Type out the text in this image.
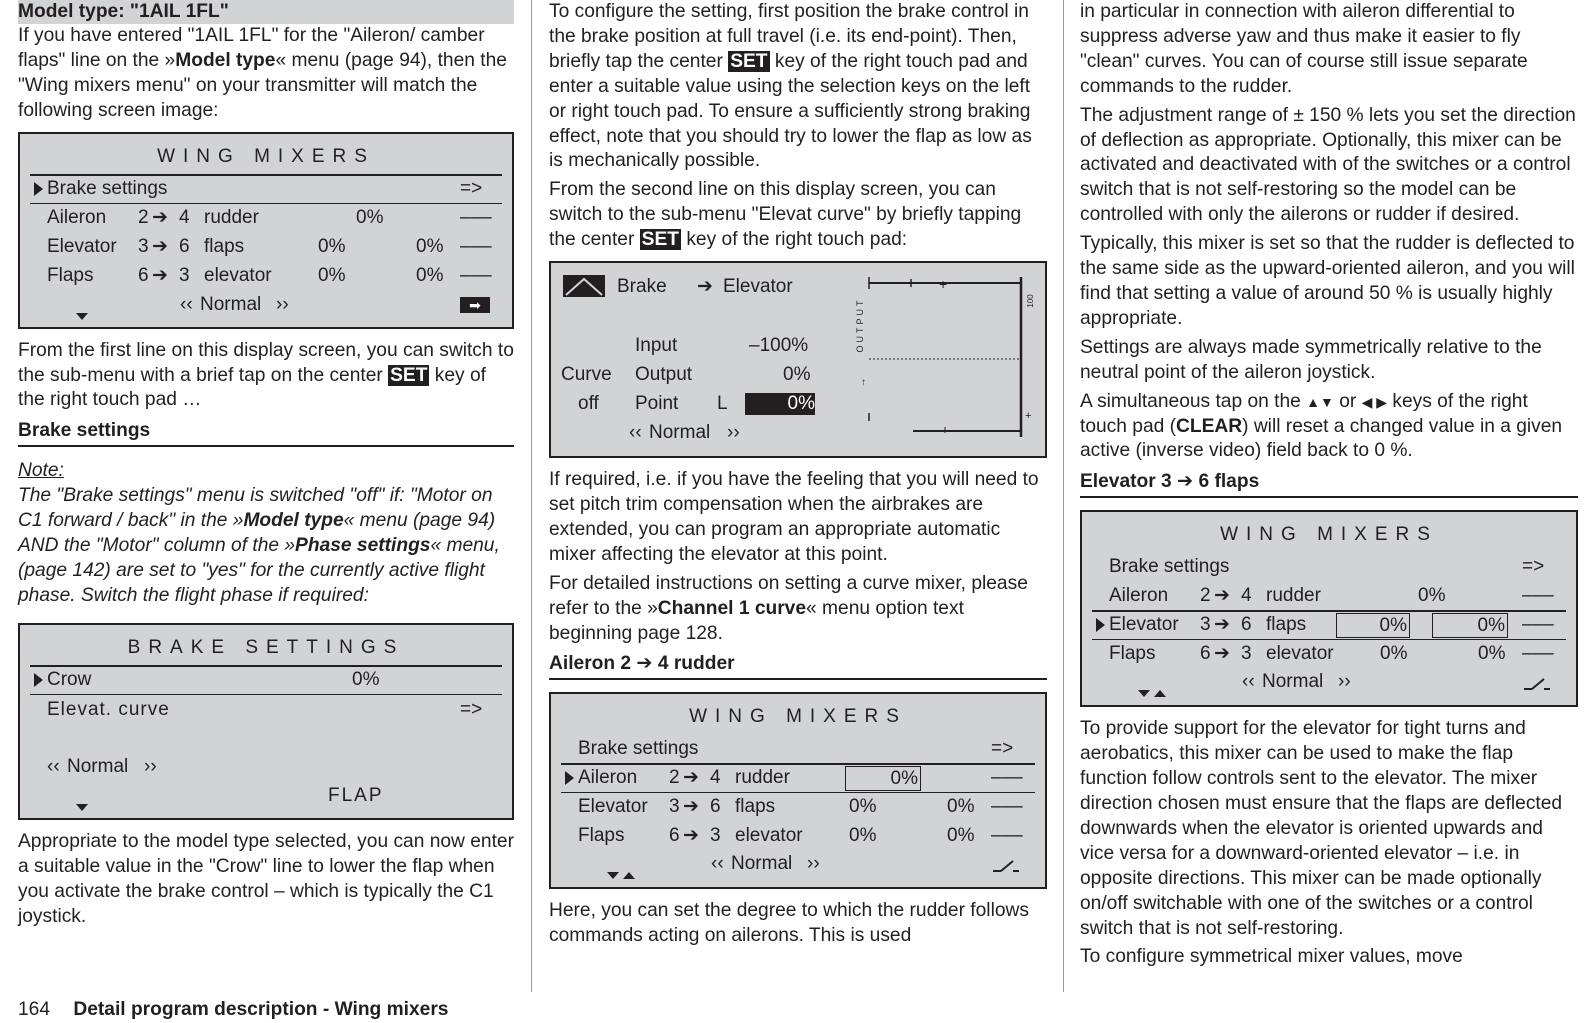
Model type: "1AIL 1FL"

If you have entered "1AIL 1FL" for the "Aileron/ camber flaps" line on the »Model type« menu (page 94), then the "Wing mixers menu" on your transmitter will match the following screen image:

WING MIXERS
Brake settings	=>
Aileron 2 ➔ 4 rudder	0%	–––
Elevator 3 ➔ 6 flaps	0%	0% –––
Flaps 6 ➔ 3 elevator 0%	0% –––
‹‹ Normal ››	➡

From the first line on this display screen, you can switch to the sub-menu with a brief tap on the center SET key of the right touch pad …

Brake settings

Note:

The "Brake settings" menu is switched "off" if: "Motor on C1 forward / back" in the »Model type« menu (page 94) AND the "Motor" column of the »Phase settings« menu, (page 142) are set to "yes" for the currently active flight phase. Switch the flight phase if required:

BRAKE SETTINGS
Crow	0%
Elevat. curve	=>
‹‹ Normal ››
FLAP

Appropriate to the model type selected, you can now enter a suitable value in the "Crow" line to lower the flap when you activate the brake control – which is typically the C1 joystick.

To configure the setting, first position the brake control in the brake position at full travel (i.e. its end-point). Then, briefly tap the center SET key of the right touch pad and enter a suitable value using the selection keys on the left or right touch pad. To ensure a sufficiently strong braking effect, note that you should try to lower the flap as low as is mechanically possible.

From the second line on this display screen, you can switch to the sub-menu "Elevat curve" by briefly tapping the center SET key of the right touch pad:

Brake ➔ Elevator
Input	–100%
Curve Output	0%
off Point L	0%
‹‹ Normal ››
OUTPUT
↑
+
100
+

If required, i.e. if you have the feeling that you will need to set pitch trim compensation when the airbrakes are extended, you can program an appropriate automatic mixer affecting the elevator at this point.

For detailed instructions on setting a curve mixer, please refer to the »Channel 1 curve« menu option text beginning page 128.

Aileron 2 ➔ 4 rudder
WING MIXERS
Brake settings	=>
Aileron 2 ➔ 4 rudder	0%	–––
Elevator 3 ➔ 6 flaps	0%	0% –––
Flaps 6 ➔ 3 elevator 0%	0% –––
‹‹ Normal ››

Here, you can set the degree to which the rudder follows commands acting on ailerons. This is used

in particular in connection with aileron differential to suppress adverse yaw and thus make it easier to fly "clean" curves. You can of course still issue separate commands to the rudder.

The adjustment range of ± 150 % lets you set the direction of deflection as appropriate. Optionally, this mixer can be activated and deactivated with of the switches or a control switch that is not self-restoring so the model can be controlled with only the ailerons or rudder if desired.

Typically, this mixer is set so that the rudder is deflected to the same side as the upward-oriented aileron, and you will find that setting a value of around 50 % is usually highly appropriate.

Settings are always made symmetrically relative to the neutral point of the aileron joystick.

A simultaneous tap on the ▲▼ or ◀ ▶ keys of the right touch pad (CLEAR) will reset a changed value in a given active (inverse video) field back to 0 %.

Elevator 3 ➔ 6 flaps
WING MIXERS
Brake settings	=>
Aileron 2 ➔ 4 rudder	0%	–––
Elevator 3 ➔ 6 flaps	0%	0% –––
Flaps 6 ➔ 3 elevator 0%	0% –––
‹‹ Normal ››

To provide support for the elevator for tight turns and aerobatics, this mixer can be used to make the flap function follow controls sent to the elevator. The mixer direction chosen must ensure that the flaps are deflected downwards when the elevator is oriented upwards and vice versa for a downward-oriented elevator – i.e. in opposite directions. This mixer can be made optionally on/off switchable with one of the switches or a control switch that is not self-restoring.

To configure symmetrical mixer values, move

164 Detail program description - Wing mixers
